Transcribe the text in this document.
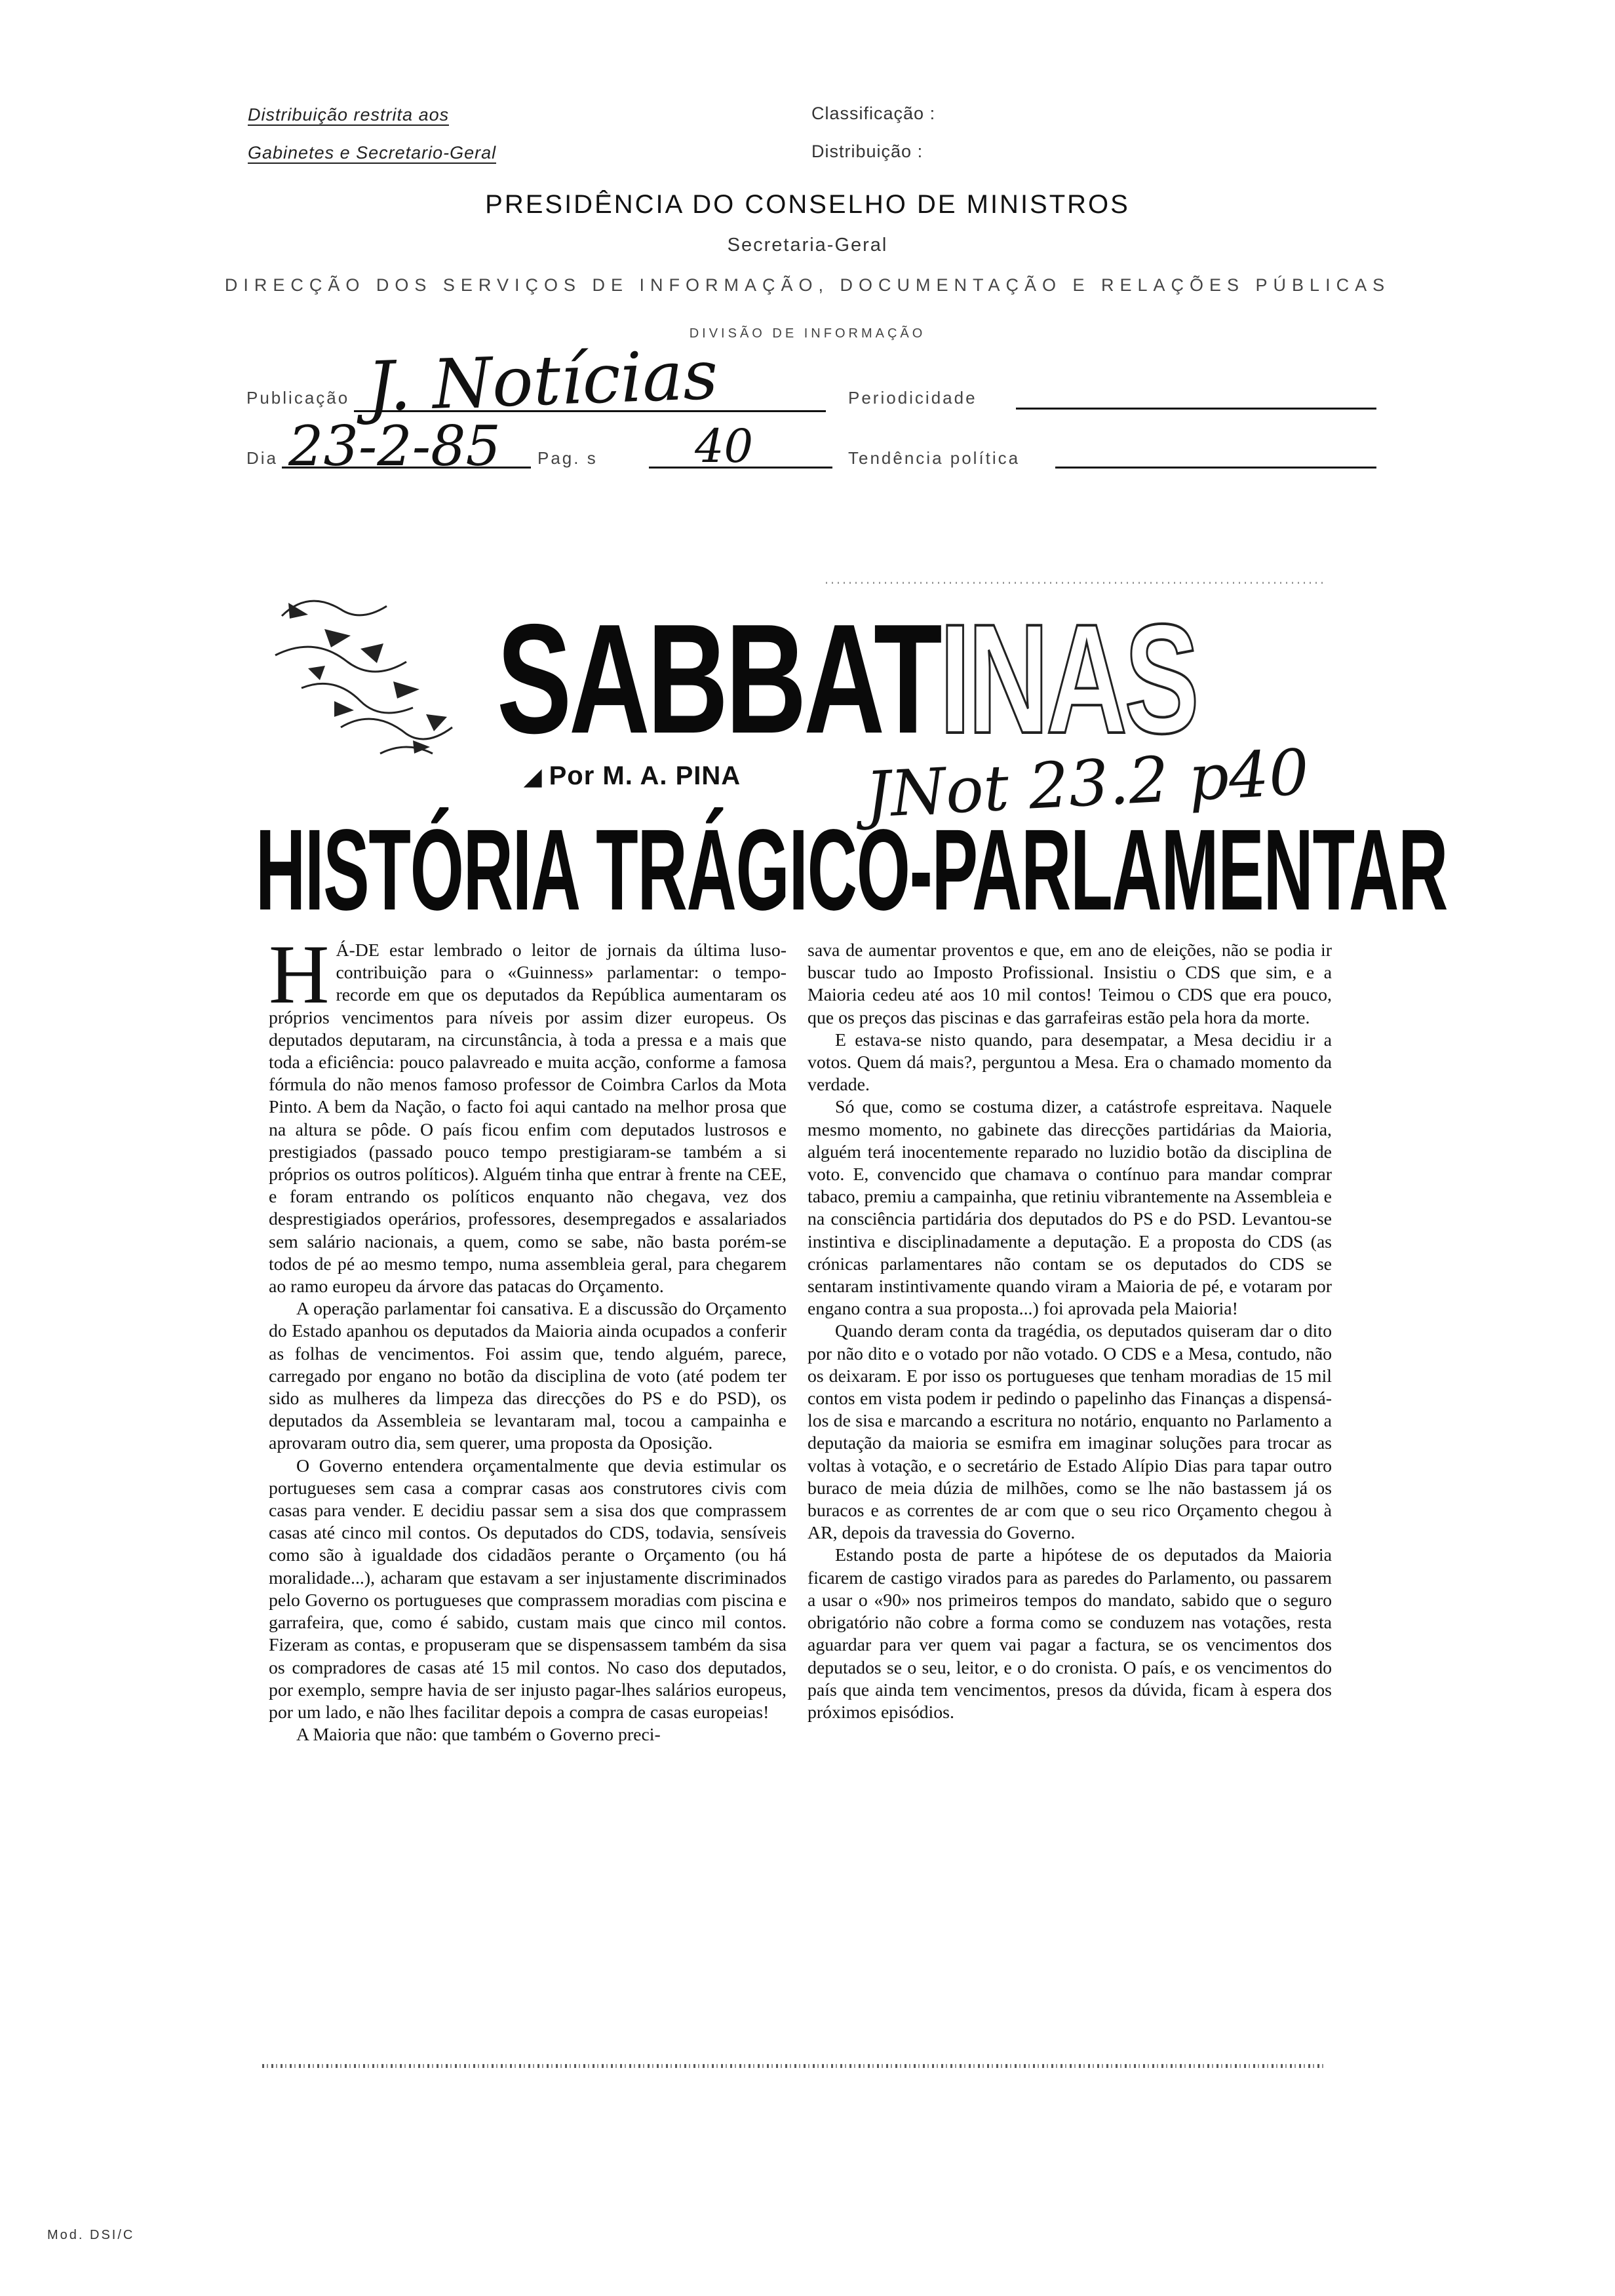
Distribuição restrita aos
Gabinetes e Secretario-Geral
Classificação :
Distribuição :
PRESIDÊNCIA DO CONSELHO DE MINISTROS
Secretaria-Geral
DIRECÇÃO DOS SERVIÇOS DE INFORMAÇÃO, DOCUMENTAÇÃO E RELAÇÕES PÚBLICAS
DIVISÃO DE INFORMAÇÃO
Publicação J. Notícias	Periodicidade
Dia 23-2-85 Pag. s 40	Tendência política
SABBATINAS
◢ Por M. A. PINA JNot 23.2 p40
HISTÓRIA TRÁGICO-PARLAMENTAR

H Á-DE estar lembrado o leitor de jornais da última luso-contribuição para o «Guinness» parlamentar: o tempo-recorde em que os deputados da República aumentaram os próprios vencimentos para níveis por assim dizer europeus. Os deputados deputaram, na circunstância, à toda a pressa e a mais que toda a eficiência: pouco palavreado e muita acção, conforme a famosa fórmula do não menos famoso professor de Coimbra Carlos da Mota Pinto. A bem da Nação, o facto foi aqui cantado na melhor prosa que na altura se pôde. O país ficou enfim com deputados lustrosos e prestigiados (passado pouco tempo prestigiaram-se também a si próprios os outros políticos). Alguém tinha que entrar à frente na CEE, e foram entrando os políticos enquanto não chegava, vez dos desprestigiados operários, professores, desempregados e assalariados sem salário nacionais, a quem, como se sabe, não basta porém-se todos de pé ao mesmo tempo, numa assembleia geral, para chegarem ao ramo europeu da árvore das patacas do Orçamento.

A operação parlamentar foi cansativa. E a discussão do Orçamento do Estado apanhou os deputados da Maioria ainda ocupados a conferir as folhas de vencimentos. Foi assim que, tendo alguém, parece, carregado por engano no botão da disciplina de voto (até podem ter sido as mulheres da limpeza das direcções do PS e do PSD), os deputados da Assembleia se levantaram mal, tocou a campainha e aprovaram outro dia, sem querer, uma proposta da Oposição.

O Governo entendera orçamentalmente que devia estimular os portugueses sem casa a comprar casas aos construtores civis com casas para vender. E decidiu passar sem a sisa dos que comprassem casas até cinco mil contos. Os deputados do CDS, todavia, sensíveis como são à igualdade dos cidadãos perante o Orçamento (ou há moralidade...), acharam que estavam a ser injustamente discriminados pelo Governo os portugueses que comprassem moradias com piscina e garrafeira, que, como é sabido, custam mais que cinco mil contos. Fizeram as contas, e propuseram que se dispensassem também da sisa os compradores de casas até 15 mil contos. No caso dos deputados, por exemplo, sempre havia de ser injusto pagar-lhes salários europeus, por um lado, e não lhes facilitar depois a compra de casas europeias!

A Maioria que não: que também o Governo preci-

sava de aumentar proventos e que, em ano de eleições, não se podia ir buscar tudo ao Imposto Profissional. Insistiu o CDS que sim, e a Maioria cedeu até aos 10 mil contos! Teimou o CDS que era pouco, que os preços das piscinas e das garrafeiras estão pela hora da morte.

E estava-se nisto quando, para desempatar, a Mesa decidiu ir a votos. Quem dá mais?, perguntou a Mesa. Era o chamado momento da verdade.

Só que, como se costuma dizer, a catástrofe espreitava. Naquele mesmo momento, no gabinete das direcções partidárias da Maioria, alguém terá inocentemente reparado no luzidio botão da disciplina de voto. E, convencido que chamava o contínuo para mandar comprar tabaco, premiu a campainha, que retiniu vibrantemente na Assembleia e na consciência partidária dos deputados do PS e do PSD. Levantou-se instintiva e disciplinadamente a deputação. E a proposta do CDS (as crónicas parlamentares não contam se os deputados do CDS se sentaram instintivamente quando viram a Maioria de pé, e votaram por engano contra a sua proposta...) foi aprovada pela Maioria!

Quando deram conta da tragédia, os deputados quiseram dar o dito por não dito e o votado por não votado. O CDS e a Mesa, contudo, não os deixaram. E por isso os portugueses que tenham moradias de 15 mil contos em vista podem ir pedindo o papelinho das Finanças a dispensá-los de sisa e marcando a escritura no notário, enquanto no Parlamento a deputação da maioria se esmifra em imaginar soluções para trocar as voltas à votação, e o secretário de Estado Alípio Dias para tapar outro buraco de meia dúzia de milhões, como se lhe não bastassem já os buracos e as correntes de ar com que o seu rico Orçamento chegou à AR, depois da travessia do Governo.

Estando posta de parte a hipótese de os deputados da Maioria ficarem de castigo virados para as paredes do Parlamento, ou passarem a usar o «90» nos primeiros tempos do mandato, sabido que o seguro obrigatório não cobre a forma como se conduzem nas votações, resta aguardar para ver quem vai pagar a factura, se os vencimentos dos deputados se o seu, leitor, e o do cronista. O país, e os vencimentos do país que ainda tem vencimentos, presos da dúvida, ficam à espera dos próximos episódios.

Mod. DSI/C
